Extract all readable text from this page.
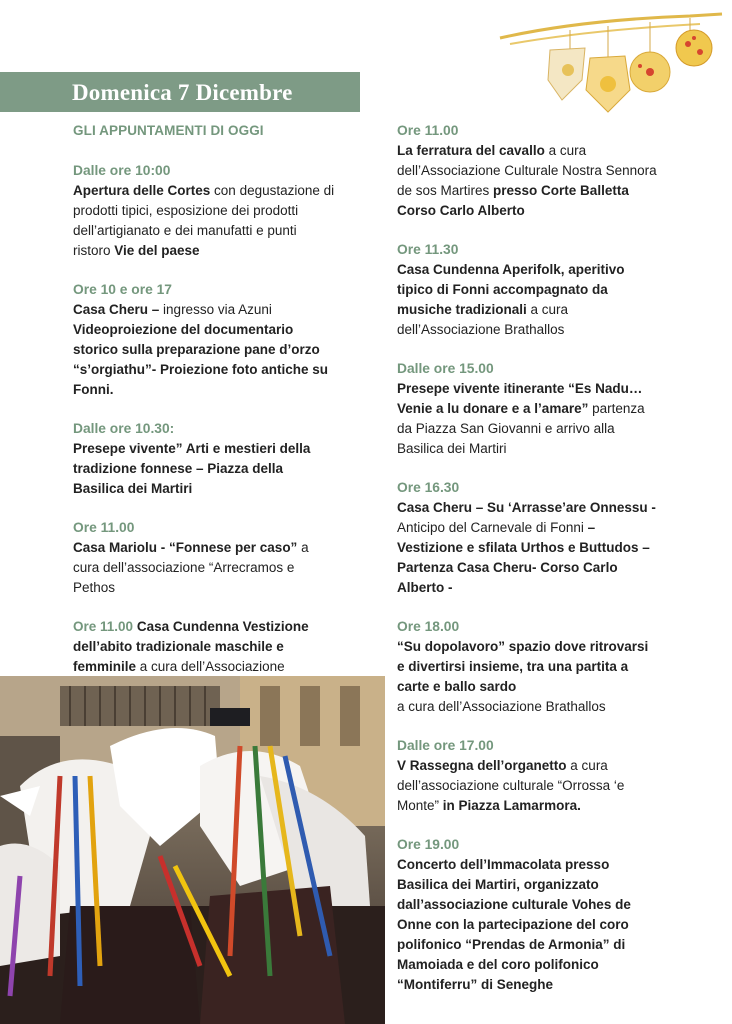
Domenica 7 Dicembre
GLI APPUNTAMENTI DI OGGI
Dalle ore 10:00
Apertura delle Cortes con degustazione di prodotti tipici, esposizione dei prodotti dell’artigianato e dei manufatti e punti ristoro Vie del paese
Ore 10 e ore 17
Casa Cheru – ingresso via Azuni Videoproiezione del documentario storico sulla preparazione pane d’orzo “s’orgiathu”- Proiezione foto antiche su Fonni.
Dalle ore 10.30:
Presepe vivente” Arti e mestieri della tradizione fonnese – Piazza della Basilica dei Martiri
Ore 11.00
Casa Mariolu - “Fonnese per caso” a cura dell’associazione “Arrecramos e Pethos
Ore 11.00 Casa Cundenna Vestizione dell’abito tradizionale maschile e femminile a cura dell’Associazione
Ore 11.00
La ferratura del cavallo a cura dell’Associazione Culturale Nostra Sennora de sos Martires presso Corte Balletta Corso Carlo Alberto
Ore 11.30
Casa Cundenna Aperifolk, aperitivo tipico di Fonni accompagnato da musiche tradizionali a cura dell’Associazione Brathallos
Dalle ore 15.00
Presepe vivente itinerante “Es Nadu… Venie a lu donare e a l’amare” partenza da Piazza San Giovanni e arrivo alla Basilica dei Martiri
Ore 16.30
Casa Cheru – Su ‘Arrasse’are Onnessu - Anticipo del Carnevale di Fonni – Vestizione e sfilata Urthos e Buttudos – Partenza Casa Cheru- Corso Carlo Alberto -
Ore 18.00
“Su dopolavoro” spazio dove ritrovarsi e divertirsi insieme, tra una partita a carte e ballo sardo
a cura dell’Associazione Brathallos
Dalle ore 17.00
V Rassegna dell’organetto a cura dell’associazione culturale “Orrossa ‘e Monte” in Piazza Lamarmora.
Ore 19.00
Concerto dell’Immacolata presso Basilica dei Martiri, organizzato dall’associazione culturale Vohes de Onne con la partecipazione del coro polifonico “Prendas de Armonia” di Mamoiada e del coro polifonico “Montiferru” di Seneghe
